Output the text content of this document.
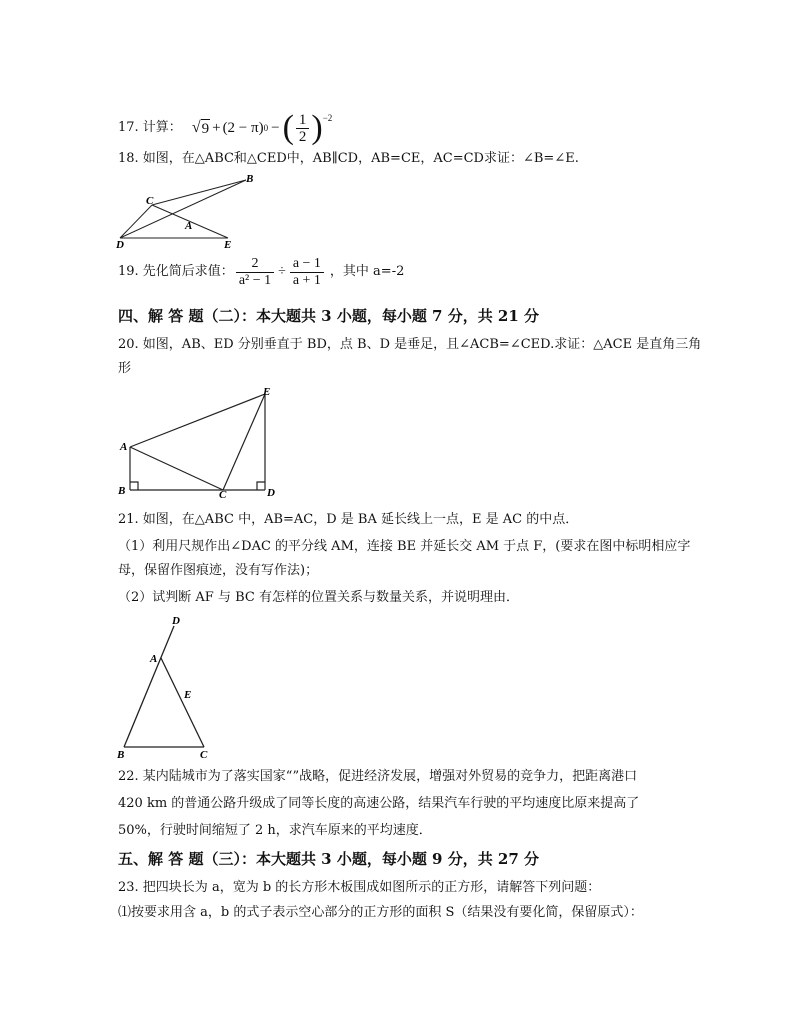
17. 计算： √ 9 + (2 − π) 0 − ( $\frac{1}{2}$ ) −2
18. 如图，在△ABC和△CED中，AB∥CD，AB=CE，AC=CD求证：∠B=∠E.
C
B
A
D	E
19. 先化简后求值： $\frac{2}{\text{a² − 1}} \div \frac{a - 1}{a + 1}$ ，其中 a=-2
四、解 答 题（二）：本大题共 3 小题，每小题 7 分，共 21 分
20. 如图，AB、ED 分别垂直于 BD，点 B、D 是垂足，且∠ACB=∠CED.求证：△ACE 是直角三角
形
A
B	C	D
E
21. 如图，在△ABC 中，AB=AC，D 是 BA 延长线上一点，E 是 AC 的中点．
（1）利用尺规作出∠DAC 的平分线 AM，连接 BE 并延长交 AM 于点 F，(要求在图中标明相应字
母，保留作图痕迹，没有写作法)；
（2）试判断 AF 与 BC 有怎样的位置关系与数量关系，并说明理由．
D
A
E
B	C
22. 某内陆城市为了落实国家“”战略，促进经济发展，增强对外贸易的竞争力，把距离港口
420 km 的普通公路升级成了同等长度的高速公路，结果汽车行驶的平均速度比原来提高了
50%，行驶时间缩短了 2 h，求汽车原来的平均速度．
五、解 答 题（三）：本大题共 3 小题，每小题 9 分，共 27 分
23. 把四块长为 a，宽为 b 的长方形木板围成如图所示的正方形，请解答下列问题：
⑴按要求用含 a，b 的式子表示空心部分的正方形的面积 S（结果没有要化简，保留原式）：
